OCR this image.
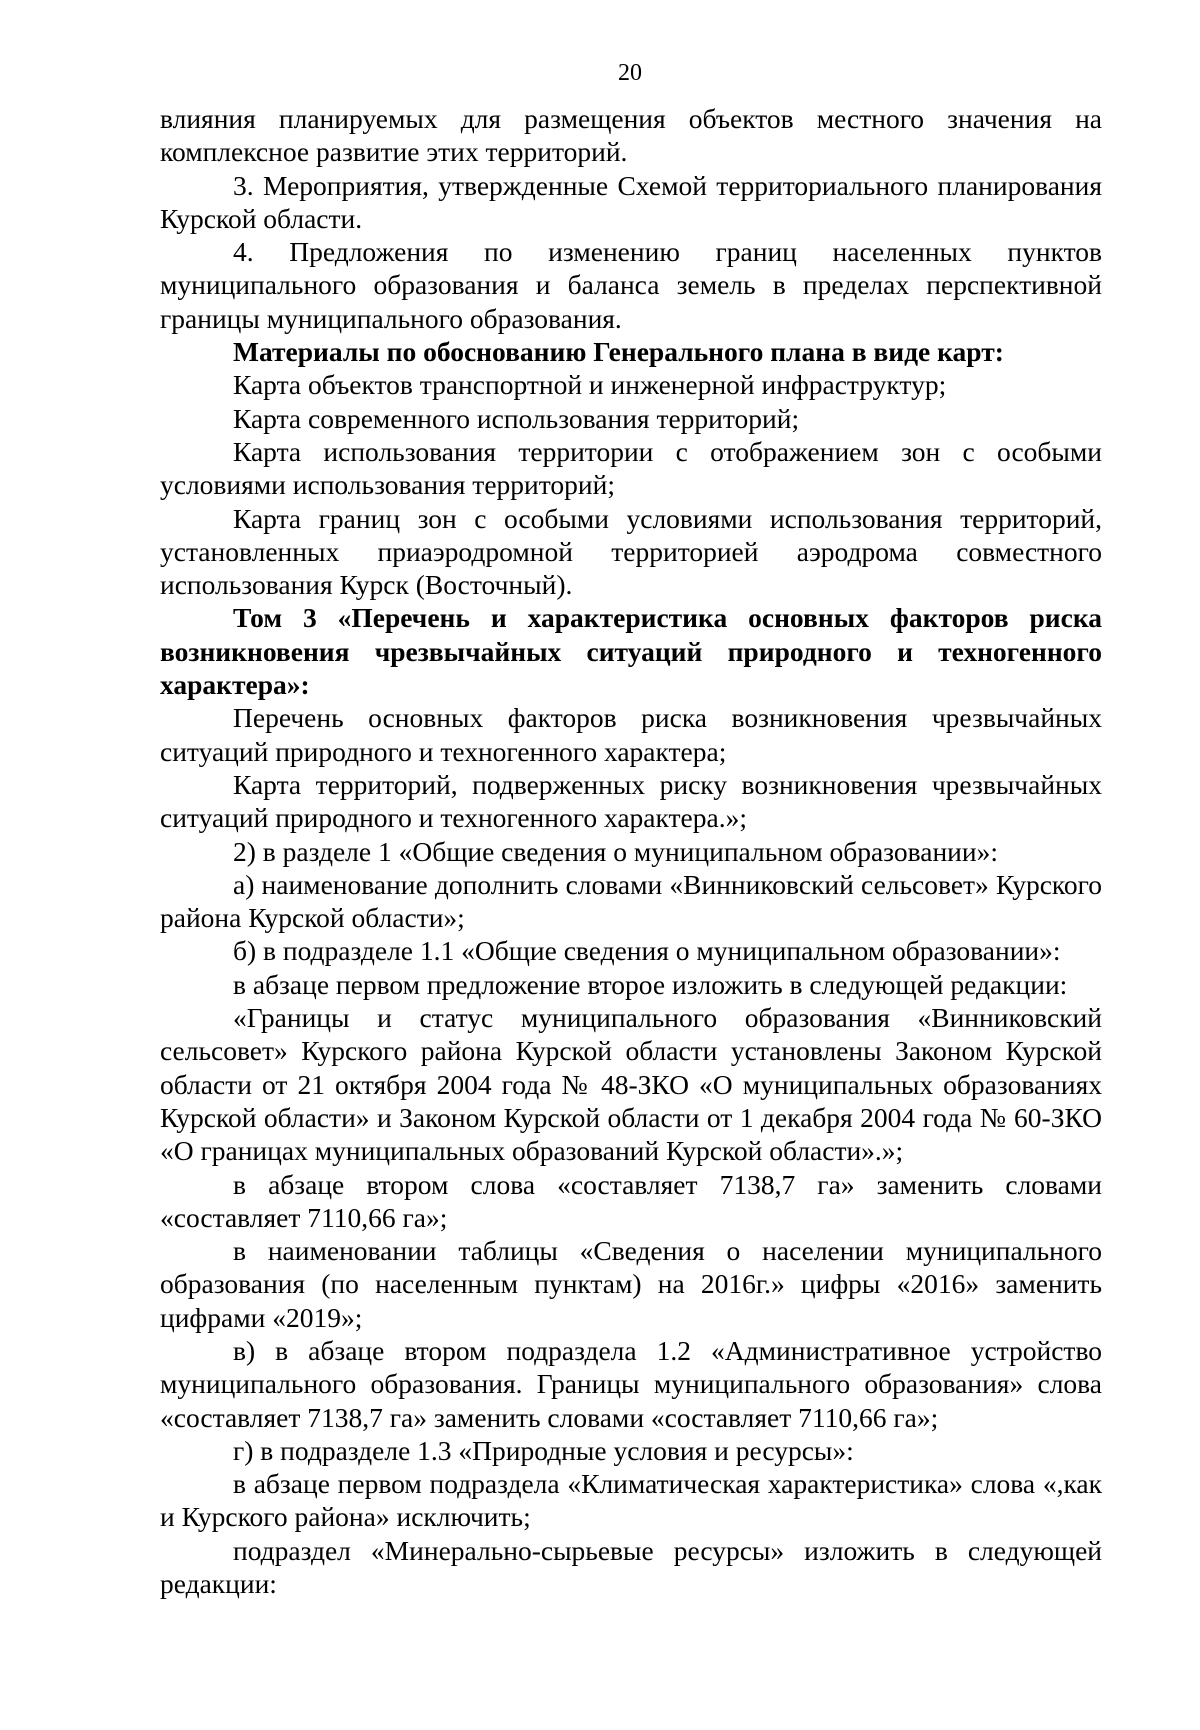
20

влияния планируемых для размещения объектов местного значения на комплексное развитие этих территорий.

3. Мероприятия, утвержденные Схемой территориального планирования Курской области.

4. Предложения по изменению границ населенных пунктов муниципального образования и баланса земель в пределах перспективной границы муниципального образования.

Материалы по обоснованию Генерального плана в виде карт:

Карта объектов транспортной и инженерной инфраструктур;

Карта современного использования территорий;

Карта использования территории с отображением зон с особыми условиями использования территорий;

Карта границ зон с особыми условиями использования территорий, установленных приаэродромной территорией аэродрома совместного использования Курск (Восточный).

Том 3 «Перечень и характеристика основных факторов риска возникновения чрезвычайных ситуаций природного и техногенного характера»:

Перечень основных факторов риска возникновения чрезвычайных ситуаций природного и техногенного характера;

Карта территорий, подверженных риску возникновения чрезвычайных ситуаций природного и техногенного характера.»;

2) в разделе 1 «Общие сведения о муниципальном образовании»:

а) наименование дополнить словами «Винниковский сельсовет» Курского района Курской области»;

б) в подразделе 1.1 «Общие сведения о муниципальном образовании»:

в абзаце первом предложение второе изложить в следующей редакции:

«Границы и статус муниципального образования «Винниковский сельсовет» Курского района Курской области установлены Законом Курской области от 21 октября 2004 года № 48-ЗКО «О муниципальных образованиях Курской области» и Законом Курской области от 1 декабря 2004 года № 60-ЗКО «О границах муниципальных образований Курской области».»;

в абзаце втором слова «составляет 7138,7 га» заменить словами «составляет 7110,66 га»;

в наименовании таблицы «Сведения о населении муниципального образования (по населенным пунктам) на 2016г.» цифры «2016» заменить цифрами «2019»;

в) в абзаце втором подраздела 1.2 «Административное устройство муниципального образования. Границы муниципального образования» слова «составляет 7138,7 га» заменить словами «составляет 7110,66 га»;

г) в подразделе 1.3 «Природные условия и ресурсы»:

в абзаце первом подраздела «Климатическая характеристика» слова «,как и Курского района» исключить;

подраздел «Минерально-сырьевые ресурсы» изложить в следующей редакции:
